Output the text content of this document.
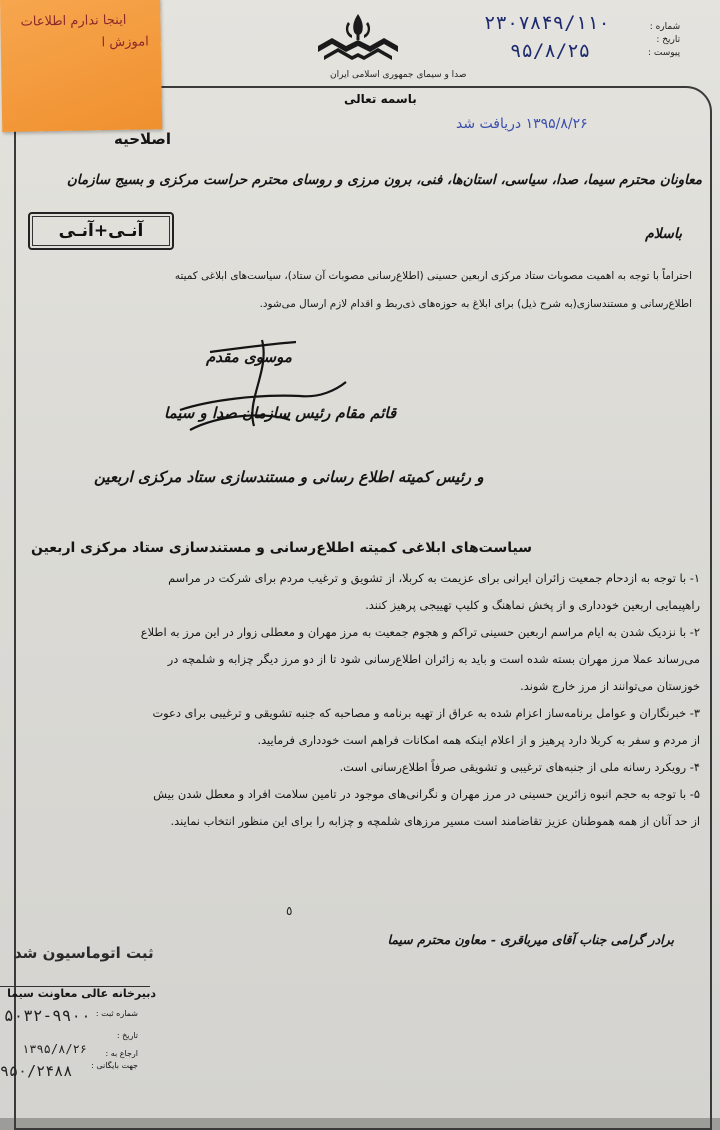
اینجا ندارم اطلاعات
اموزش ا
صدا و سیمای جمهوری اسلامی ایران
باسمه تعالی
شماره :
تاریخ :
پیوست :
۲۳۰۷۸۴۹/۱۱۰
۹۵/۸/۲۵
۱۳۹۵/۸/۲۶ دریافت شد
اصلاحیه
معاونان محترم سیما، صدا، سیاسی، استان‌ها، فنی، برون مرزی و روسای محترم حراست مرکزی و بسیج سازمان
آنـی+آنـی	باسلام
احتراماً با توجه به اهمیت مصوبات ستاد مرکزی اربعین حسینی (اطلاع‌رسانی مصوبات آن ستاد)، سیاست‌های ابلاغی کمیته
اطلاع‌رسانی و مستندسازی(به شرح ذیل) برای ابلاغ به حوزه‌های ذی‌ربط و اقدام لازم ارسال می‌شود.
موسوی مقدم
قائم مقام رئیس سازمان صدا و سیما
و رئیس کمیته اطلاع رسانی و مستندسازی ستاد مرکزی اربعین
سیاست‌های ابلاغی کمیته اطلاع‌رسانی و مستندسازی ستاد مرکزی اربعین
۱- با توجه به ازدحام جمعیت زائران ایرانی برای عزیمت به کربلا، از تشویق و ترغیب مردم برای شرکت در مراسم
راهپیمایی اربعین خودداری و از پخش نماهنگ و کلیپ تهییجی پرهیز کنند.
۲- با نزدیک شدن به ایام مراسم اربعین حسینی تراکم و هجوم جمعیت به مرز مهران و معطلی زوار در این مرز به اطلاع
می‌رساند عملا مرز مهران بسته شده است و باید به زائران اطلاع‌رسانی شود تا از دو مرز دیگر چزابه و شلمچه در
خوزستان می‌توانند از مرز خارج شوند.
۳- خبرنگاران و عوامل برنامه‌ساز اعزام شده به عراق از تهیه برنامه و مصاحبه که جنبه تشویقی و ترغیبی برای دعوت
از مردم و سفر به کربلا دارد پرهیز و از اعلام اینکه همه امکانات فراهم است خودداری فرمایید.
۴- رویکرد رسانه ملی از جنبه‌های ترغیبی و تشویقی صرفاً اطلاع‌رسانی است.
۵- با توجه به حجم انبوه زائرین حسینی در مرز مهران و نگرانی‌های موجود در تامین سلامت افراد و معطل شدن بیش
از حد آنان از همه هموطنان عزیز تقاضامند است مسیر مرزهای شلمچه و چزابه را برای این منظور انتخاب نمایند.
٥
برادر گرامی جناب آقای میرباقری - معاون محترم سیما
ثبت اتوماسیون شد
دبیرخانه عالی معاونت سیما
شماره ثبت :
تاریخ :
ارجاع به :
جهت بایگانی :
۵۰۳۲-۹۹۰۰
۱۳۹۵/۸/۲۶
۹۵۰/۲۴۸۸
